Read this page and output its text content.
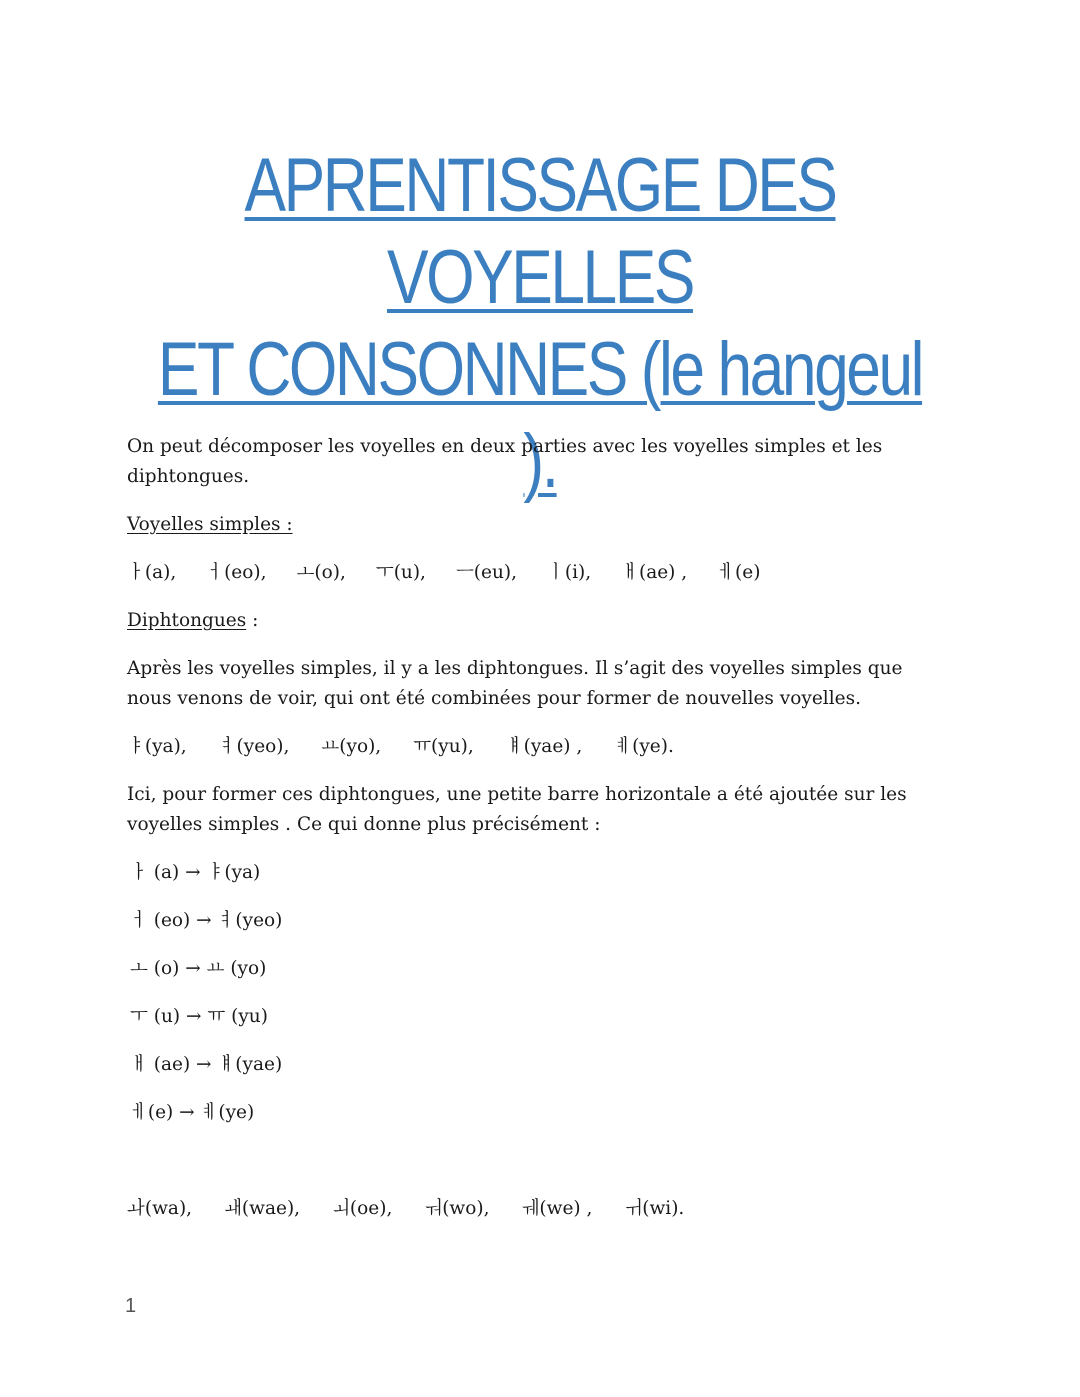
APRENTISSAGE DES VOYELLES
ET CONSONNES (le hangeul ).

On peut décomposer les voyelles en deux parties avec les voyelles simples et les diphtongues.

Voyelles simples :

ㅏ(a), ㅓ(eo), ㅗ(o), ㅜ(u), ㅡ(eu), ㅣ(i), ㅐ(ae) , ㅔ(e)

Diphtongues :

Après les voyelles simples, il y a les diphtongues. Il s’agit des voyelles simples que nous venons de voir, qui ont été combinées pour former de nouvelles voyelles.

ㅑ(ya), ㅕ(yeo), ㅛ(yo), ㅠ(yu), ㅒ(yae) , ㅖ(ye).

Ici, pour former ces diphtongues, une petite barre horizontale a été ajoutée sur les voyelles simples . Ce qui donne plus précisément :

ㅏ (a) → ㅑ(ya)
ㅓ (eo) → ㅕ(yeo)
ㅗ (o) → ㅛ (yo)
ㅜ (u) → ㅠ (yu)
ㅐ (ae) → ㅒ(yae)
ㅔ(e) → ㅖ(ye)
ㅘ(wa), ㅙ(wae), ㅚ(oe), ㅝ(wo), ㅞ(we) , ㅟ(wi).
1
